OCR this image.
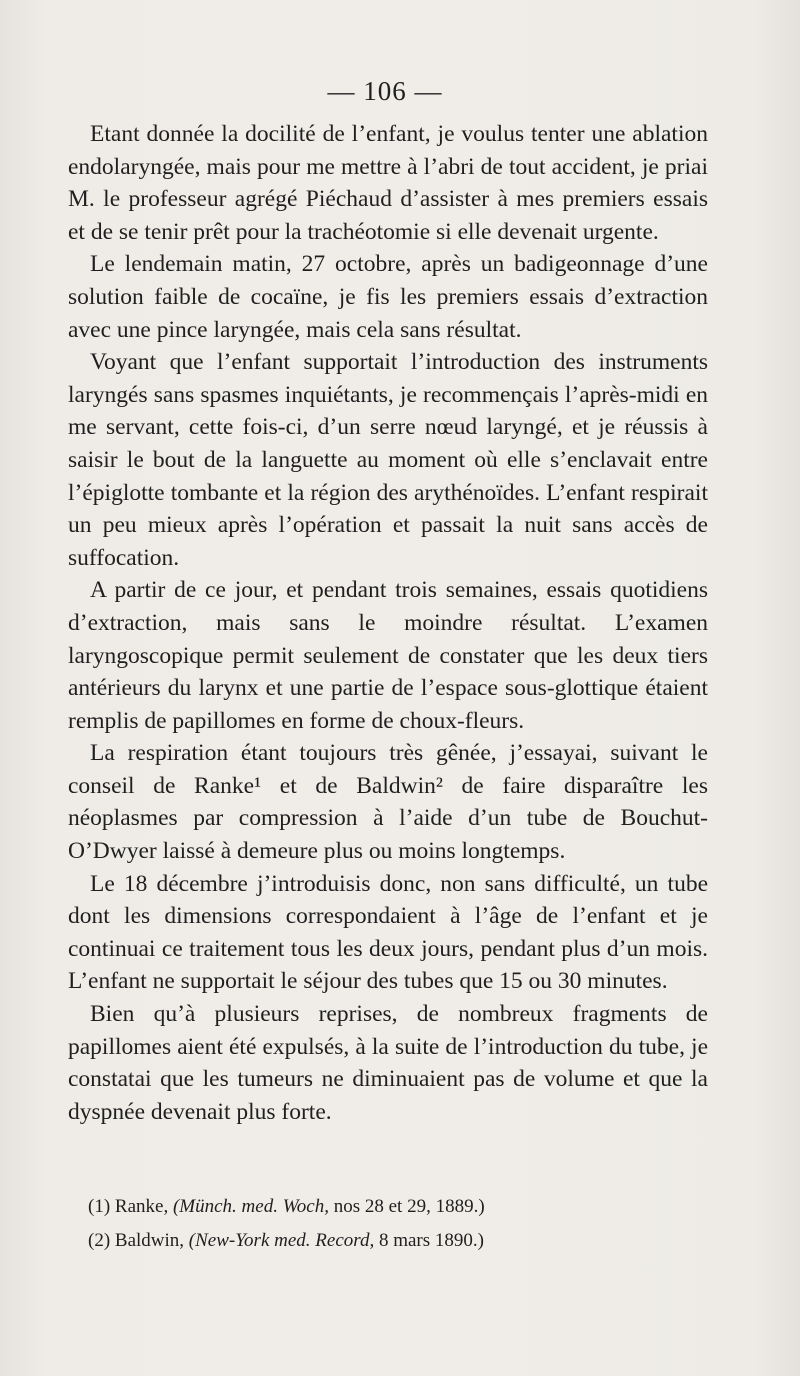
— 106 —

Etant donnée la docilité de l’enfant, je voulus tenter une ablation endolaryngée, mais pour me mettre à l’abri de tout accident, je priai M. le professeur agrégé Piéchaud d’assister à mes premiers essais et de se tenir prêt pour la trachéotomie si elle devenait urgente.

Le lendemain matin, 27 octobre, après un badigeonnage d’une solution faible de cocaïne, je fis les premiers essais d’extraction avec une pince laryngée, mais cela sans résultat.

Voyant que l’enfant supportait l’introduction des instruments laryngés sans spasmes inquiétants, je recommençais l’après-midi en me servant, cette fois-ci, d’un serre nœud laryngé, et je réussis à saisir le bout de la languette au moment où elle s’enclavait entre l’épiglotte tombante et la région des arythénoïdes. L’enfant respirait un peu mieux après l’opération et passait la nuit sans accès de suffocation.

A partir de ce jour, et pendant trois semaines, essais quotidiens d’extraction, mais sans le moindre résultat. L’examen laryngoscopique permit seulement de constater que les deux tiers antérieurs du larynx et une partie de l’espace sous-glottique étaient remplis de papillomes en forme de choux-fleurs.

La respiration étant toujours très gênée, j’essayai, suivant le conseil de Ranke¹ et de Baldwin² de faire disparaître les néoplasmes par compression à l’aide d’un tube de Bouchut-O’Dwyer laissé à demeure plus ou moins longtemps.

Le 18 décembre j’introduisis donc, non sans difficulté, un tube dont les dimensions correspondaient à l’âge de l’enfant et je continuai ce traitement tous les deux jours, pendant plus d’un mois. L’enfant ne supportait le séjour des tubes que 15 ou 30 minutes.

Bien qu’à plusieurs reprises, de nombreux fragments de papillomes aient été expulsés, à la suite de l’introduction du tube, je constatai que les tumeurs ne diminuaient pas de volume et que la dyspnée devenait plus forte.

(1) Ranke, (Münch. med. Woch, nos 28 et 29, 1889.)

(2) Baldwin, (New-York med. Record, 8 mars 1890.)
